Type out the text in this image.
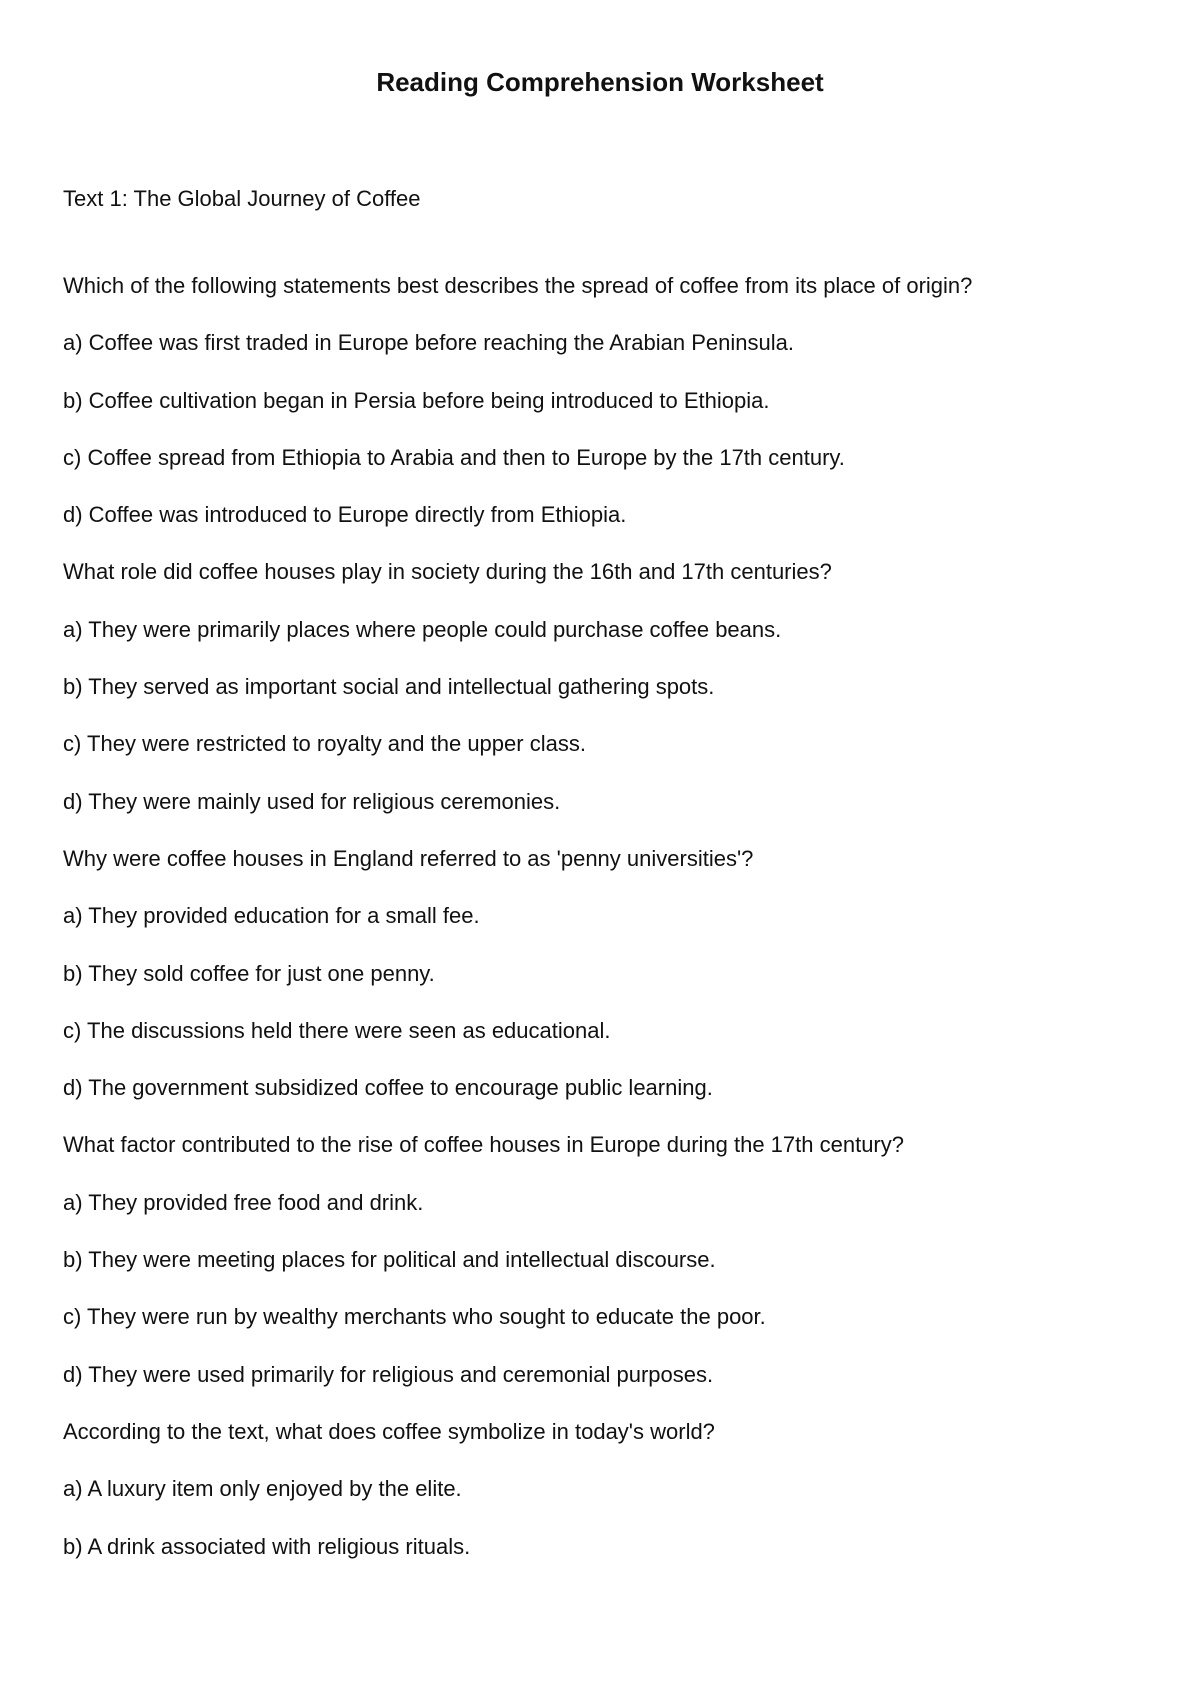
Reading Comprehension Worksheet
Text 1: The Global Journey of Coffee
Which of the following statements best describes the spread of coffee from its place of origin?
a) Coffee was first traded in Europe before reaching the Arabian Peninsula.
b) Coffee cultivation began in Persia before being introduced to Ethiopia.
c) Coffee spread from Ethiopia to Arabia and then to Europe by the 17th century.
d) Coffee was introduced to Europe directly from Ethiopia.
What role did coffee houses play in society during the 16th and 17th centuries?
a) They were primarily places where people could purchase coffee beans.
b) They served as important social and intellectual gathering spots.
c) They were restricted to royalty and the upper class.
d) They were mainly used for religious ceremonies.
Why were coffee houses in England referred to as 'penny universities'?
a) They provided education for a small fee.
b) They sold coffee for just one penny.
c) The discussions held there were seen as educational.
d) The government subsidized coffee to encourage public learning.
What factor contributed to the rise of coffee houses in Europe during the 17th century?
a) They provided free food and drink.
b) They were meeting places for political and intellectual discourse.
c) They were run by wealthy merchants who sought to educate the poor.
d) They were used primarily for religious and ceremonial purposes.
According to the text, what does coffee symbolize in today's world?
a) A luxury item only enjoyed by the elite.
b) A drink associated with religious rituals.
